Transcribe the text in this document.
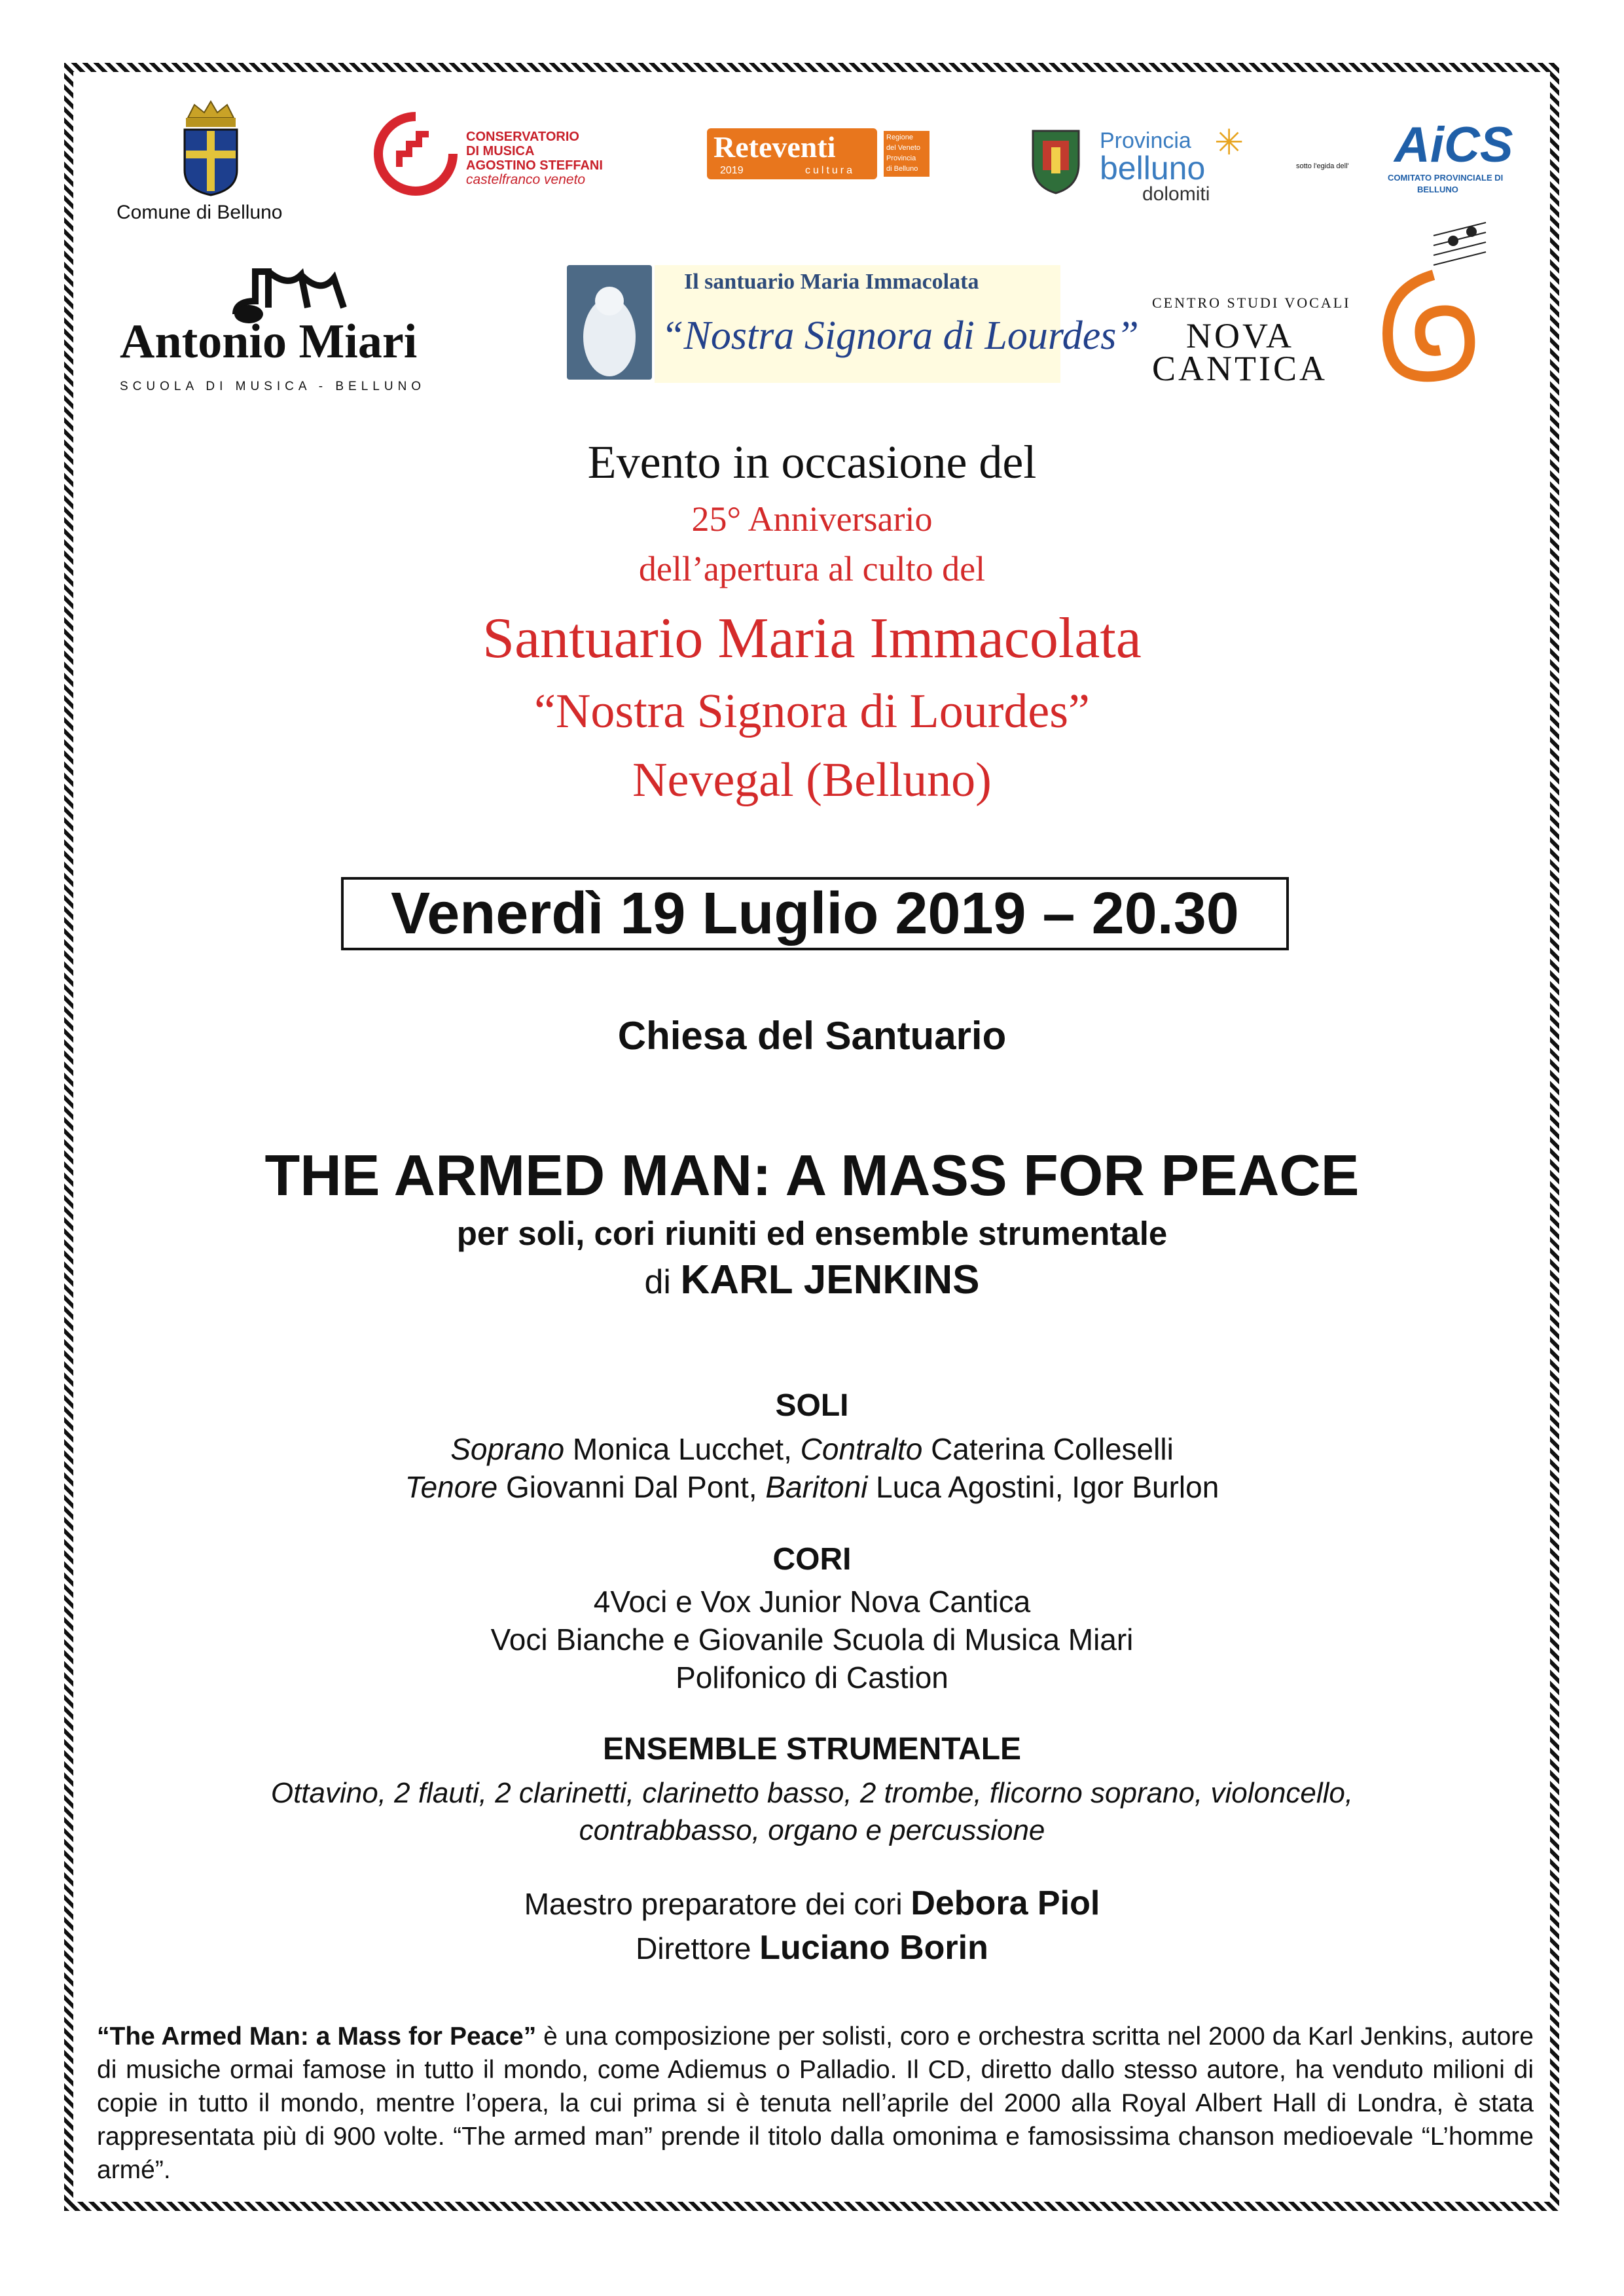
Comune di Belluno
CONSERVATORIO
DI MUSICA
AGOSTINO STEFFANI
castelfranco veneto
Reteventi
2019	cultura
Regione
del Veneto
Provincia
di Belluno
Provincia
belluno
dolomiti
✳
sotto l'egida dell' AiCS
COMITATO PROVINCIALE DI
BELLUNO
Antonio Miari
SCUOLA DI MUSICA - BELLUNO
Il santuario Maria Immacolata
“Nostra Signora di Lourdes”
CENTRO STUDI VOCALI
NOVA
CANTICA
Evento in occasione del
25° Anniversario
dell’apertura al culto del
Santuario Maria Immacolata
“Nostra Signora di Lourdes”
Nevegal (Belluno)
Venerdì 19 Luglio 2019 – 20.30
Chiesa del Santuario
THE ARMED MAN: A MASS FOR PEACE
per soli, cori riuniti ed ensemble strumentale
di KARL JENKINS
SOLI
Soprano Monica Lucchet, Contralto Caterina Colleselli
Tenore Giovanni Dal Pont, Baritoni Luca Agostini, Igor Burlon
CORI
4Voci e Vox Junior Nova Cantica
Voci Bianche e Giovanile Scuola di Musica Miari
Polifonico di Castion
ENSEMBLE STRUMENTALE
Ottavino, 2 flauti, 2 clarinetti, clarinetto basso, 2 trombe, flicorno soprano, violoncello,
contrabbasso, organo e percussione
Maestro preparatore dei cori Debora Piol
Direttore Luciano Borin
“The Armed Man: a Mass for Peace” è una composizione per solisti, coro e orchestra scritta nel 2000 da Karl Jenkins, autore di musiche ormai famose in tutto il mondo, come Adiemus o Palladio. Il CD, diretto dallo stesso autore, ha venduto milioni di copie in tutto il mondo, mentre l’opera, la cui prima si è tenuta nell’aprile del 2000 alla Royal Albert Hall di Londra, è stata rappresentata più di 900 volte. “The armed man” prende il titolo dalla omonima e famosissima chanson medioevale “L’homme armé”.
